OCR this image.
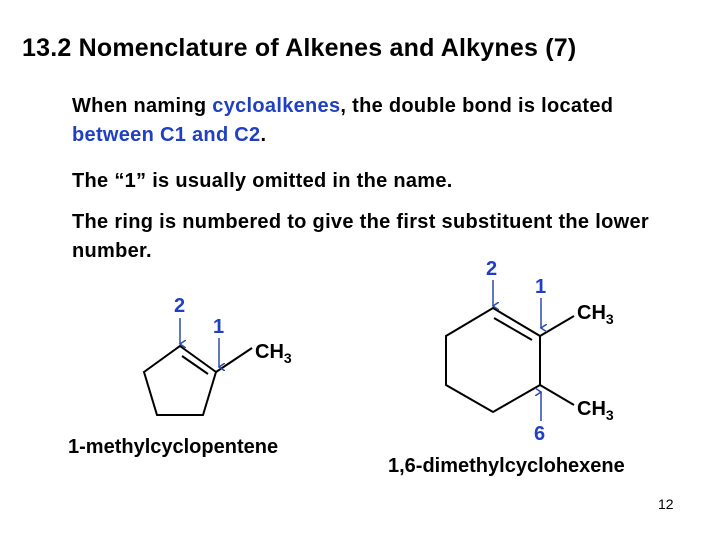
13.2 Nomenclature of Alkenes and Alkynes (7)
When naming cycloalkenes, the double bond is located between C1 and C2.
The “1” is usually omitted in the name.
The ring is numbered to give the first substituent the lower number.
2
1
$CH_3$
2
1
6
$CH_3$
$CH_3$
1-methylcyclopentene
1,6-dimethylcyclohexene
12
